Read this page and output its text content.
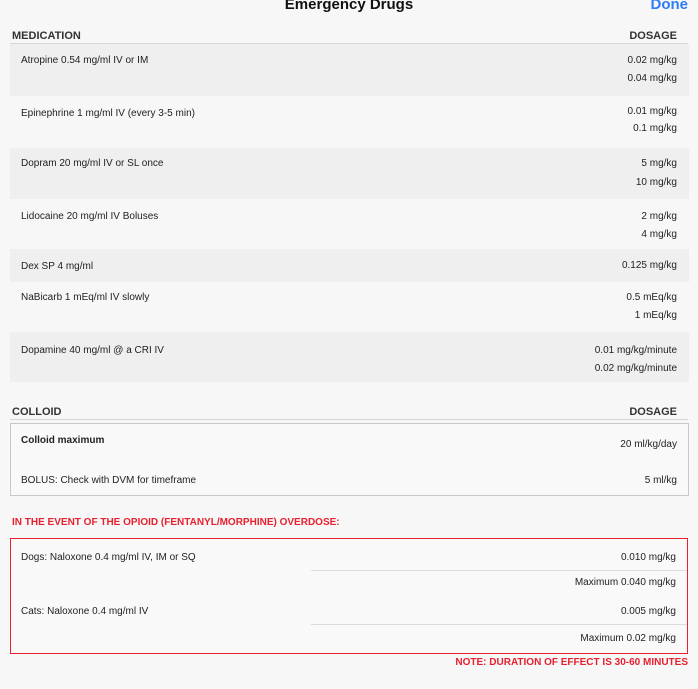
Emergency Drugs	Done
MEDICATION	DOSAGE
Atropine 0.54 mg/ml IV or IM	0.02 mg/kg
0.04 mg/kg
Epinephrine 1 mg/ml IV (every 3-5 min)	0.01 mg/kg
0.1 mg/kg
Dopram 20 mg/ml IV or SL once	5 mg/kg
10 mg/kg
Lidocaine 20 mg/ml IV Boluses	2 mg/kg
4 mg/kg
Dex SP 4 mg/ml	0.125 mg/kg
NaBicarb 1 mEq/ml IV slowly	0.5 mEq/kg
1 mEq/kg
Dopamine 40 mg/ml @ a CRI IV	0.01 mg/kg/minute
0.02 mg/kg/minute
COLLOID	DOSAGE
Colloid maximum	20 ml/kg/day
BOLUS: Check with DVM for timeframe	5 ml/kg
IN THE EVENT OF THE OPIOID (FENTANYL/MORPHINE) OVERDOSE:
Dogs: Naloxone 0.4 mg/ml IV, IM or SQ	0.010 mg/kg
Maximum 0.040 mg/kg
Cats: Naloxone 0.4 mg/ml IV	0.005 mg/kg
Maximum 0.02 mg/kg
NOTE: DURATION OF EFFECT IS 30-60 MINUTES
